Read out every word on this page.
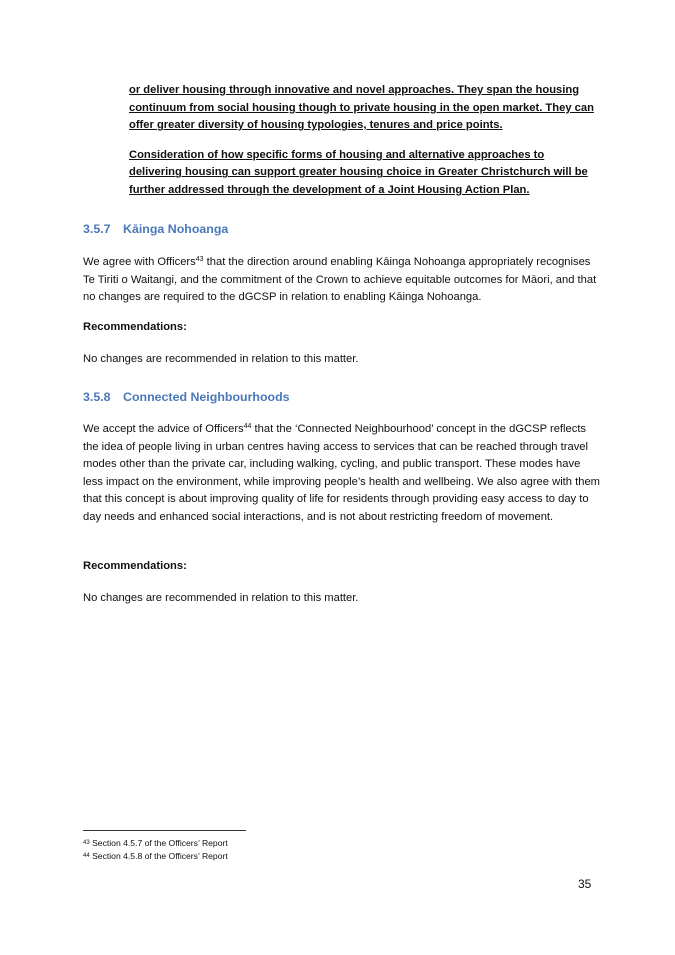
or deliver housing through innovative and novel approaches. They span the housing continuum from social housing though to private housing in the open market. They can offer greater diversity of housing typologies, tenures and price points.

Consideration of how specific forms of housing and alternative approaches to delivering housing can support greater housing choice in Greater Christchurch will be further addressed through the development of a Joint Housing Action Plan.

3.5.7 Kāinga Nohoanga

We agree with Officers$^{43}$ that the direction around enabling Kāinga Nohoanga appropriately recognises Te Tiriti o Waitangi, and the commitment of the Crown to achieve equitable outcomes for Māori, and that no changes are required to the dGCSP in relation to enabling Kāinga Nohoanga.

Recommendations:

No changes are recommended in relation to this matter.

3.5.8 Connected Neighbourhoods

We accept the advice of Officers$^{44}$ that the ‘Connected Neighbourhood’ concept in the dGCSP reflects the idea of people living in urban centres having access to services that can be reached through travel modes other than the private car, including walking, cycling, and public transport. These modes have less impact on the environment, while improving people’s health and wellbeing. We also agree with them that this concept is about improving quality of life for residents through providing easy access to day to day needs and enhanced social interactions, and is not about restricting freedom of movement.

Recommendations:

No changes are recommended in relation to this matter.

$^{43}$ Section 4.5.7 of the Officers’ Report
$^{44}$ Section 4.5.8 of the Officers’ Report
35
